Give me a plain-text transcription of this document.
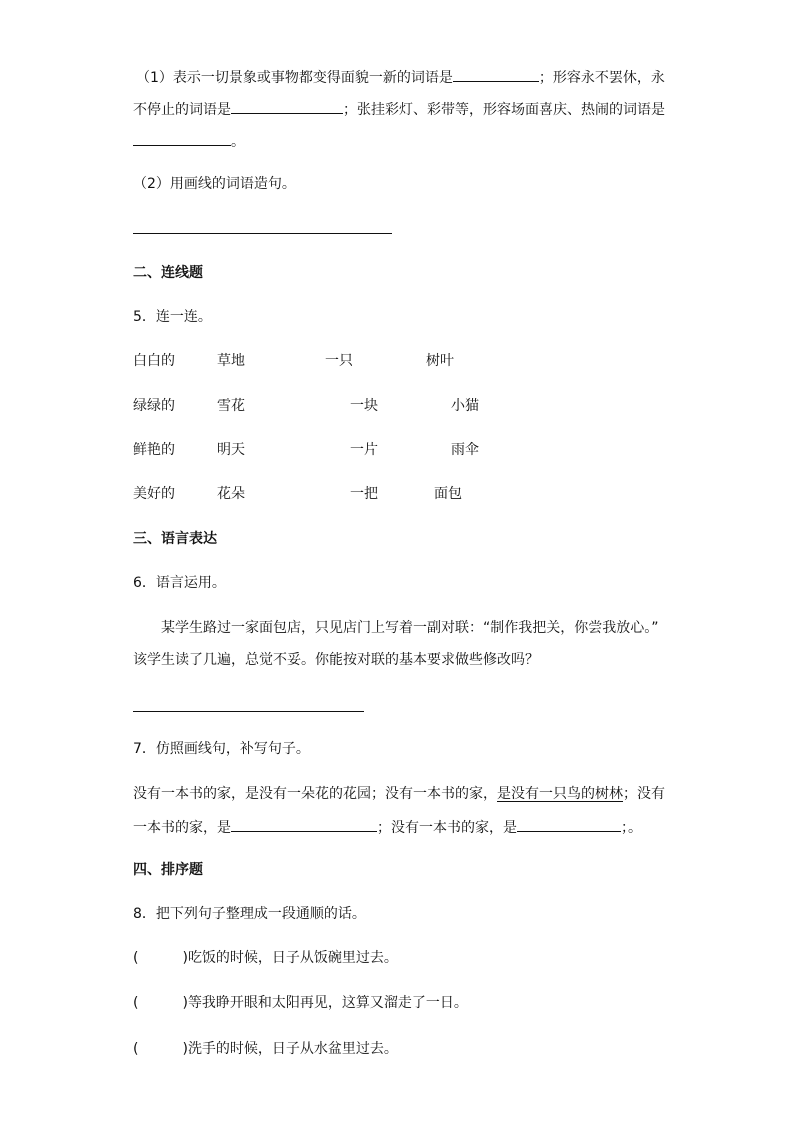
（1）表示一切景象或事物都变得面貌一新的词语是	；形容永不罢休，永
不停止的词语是	；张挂彩灯、彩带等，形容场面喜庆、热闹的词语是
。
（2）用画线的词语造句。
二、连线题
5．连一连。
白白的	草地	一只	树叶
绿绿的	雪花	一块	小猫
鲜艳的	明天	一片	雨伞
美好的	花朵	一把	面包
三、语言表达
6．语言运用。
某学生路过一家面包店，只见店门上写着一副对联：“制作我把关，你尝我放心。”
该学生读了几遍，总觉不妥。你能按对联的基本要求做些修改吗？
7．仿照画线句，补写句子。
没有一本书的家，是没有一朵花的花园；没有一本书的家，是没有一只鸟的树林；没有
一本书的家，是	；没有一本书的家，是	；。
四、排序题
8．把下列句子整理成一段通顺的话。
(	)吃饭的时候，日子从饭碗里过去。
(	)等我睁开眼和太阳再见，这算又溜走了一日。
(	)洗手的时候，日子从水盆里过去。
